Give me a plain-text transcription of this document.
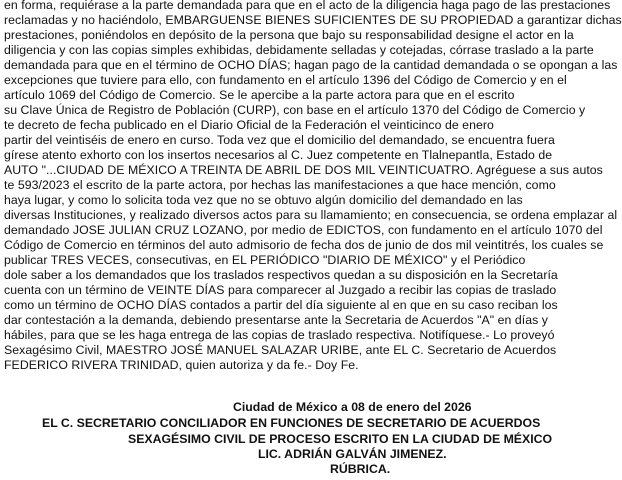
en forma, requiérase a la parte demandada para que en el acto de la diligencia haga pago de las prestaciones
reclamadas y no haciéndolo, EMBARGUENSE BIENES SUFICIENTES DE SU PROPIEDAD a garantizar dichas
prestaciones, poniéndolos en depósito de la persona que bajo su responsabilidad designe el actor en la
diligencia y con las copias simples exhibidas, debidamente selladas y cotejadas, córrase traslado a la parte
demandada para que en el término de OCHO DÍAS; hagan pago de la cantidad demandada o se opongan a las
excepciones que tuviere para ello, con fundamento en el artículo 1396 del Código de Comercio y en el
artículo 1069 del Código de Comercio. Se le apercibe a la parte actora para que en el escrito
su Clave Única de Registro de Población (CURP), con base en el artículo 1370 del Código de Comercio y
te decreto de fecha publicado en el Diario Oficial de la Federación el veinticinco de enero
partir del veintiséis de enero en curso. Toda vez que el domicilio del demandado, se encuentra fuera
gírese atento exhorto con los insertos necesarios al C. Juez competente en Tlalnepantla, Estado de
AUTO "...CIUDAD DE MÉXICO A TREINTA DE ABRIL DE DOS MIL VEINTICUATRO. Agréguese a sus autos
te 593/2023 el escrito de la parte actora, por hechas las manifestaciones a que hace mención, como
haya lugar, y como lo solicita toda vez que no se obtuvo algún domicilio del demandado en las
diversas Instituciones, y realizado diversos actos para su llamamiento; en consecuencia, se ordena emplazar al
demandado JOSE JULIAN CRUZ LOZANO, por medio de EDICTOS, con fundamento en el artículo 1070 del
Código de Comercio en términos del auto admisorio de fecha dos de junio de dos mil veintitrés, los cuales se
publicar TRES VECES, consecutivas, en EL PERIÓDICO "DIARIO DE MÉXICO" y el Periódico
dole saber a los demandados que los traslados respectivos quedan a su disposición en la Secretaría
cuenta con un término de VEINTE DÍAS para comparecer al Juzgado a recibir las copias de traslado
como un término de OCHO DÍAS contados a partir del día siguiente al en que en su caso reciban los
dar contestación a la demanda, debiendo presentarse ante la Secretaria de Acuerdos "A" en días y
hábiles, para que se les haga entrega de las copias de traslado respectiva. Notifíquese.- Lo proveyó
Sexagésimo Civil, MAESTRO JOSÉ MANUEL SALAZAR URIBE, ante EL C. Secretario de Acuerdos
FEDERICO RIVERA TRINIDAD, quien autoriza y da fe.- Doy Fe.
Ciudad de México a 08 de enero del 2026
EL C. SECRETARIO CONCILIADOR EN FUNCIONES DE SECRETARIO DE ACUERDOS
SEXAGÉSIMO CIVIL DE PROCESO ESCRITO EN LA CIUDAD DE MÉXICO
LIC. ADRIÁN GALVÁN JIMENEZ.
RÚBRICA.
